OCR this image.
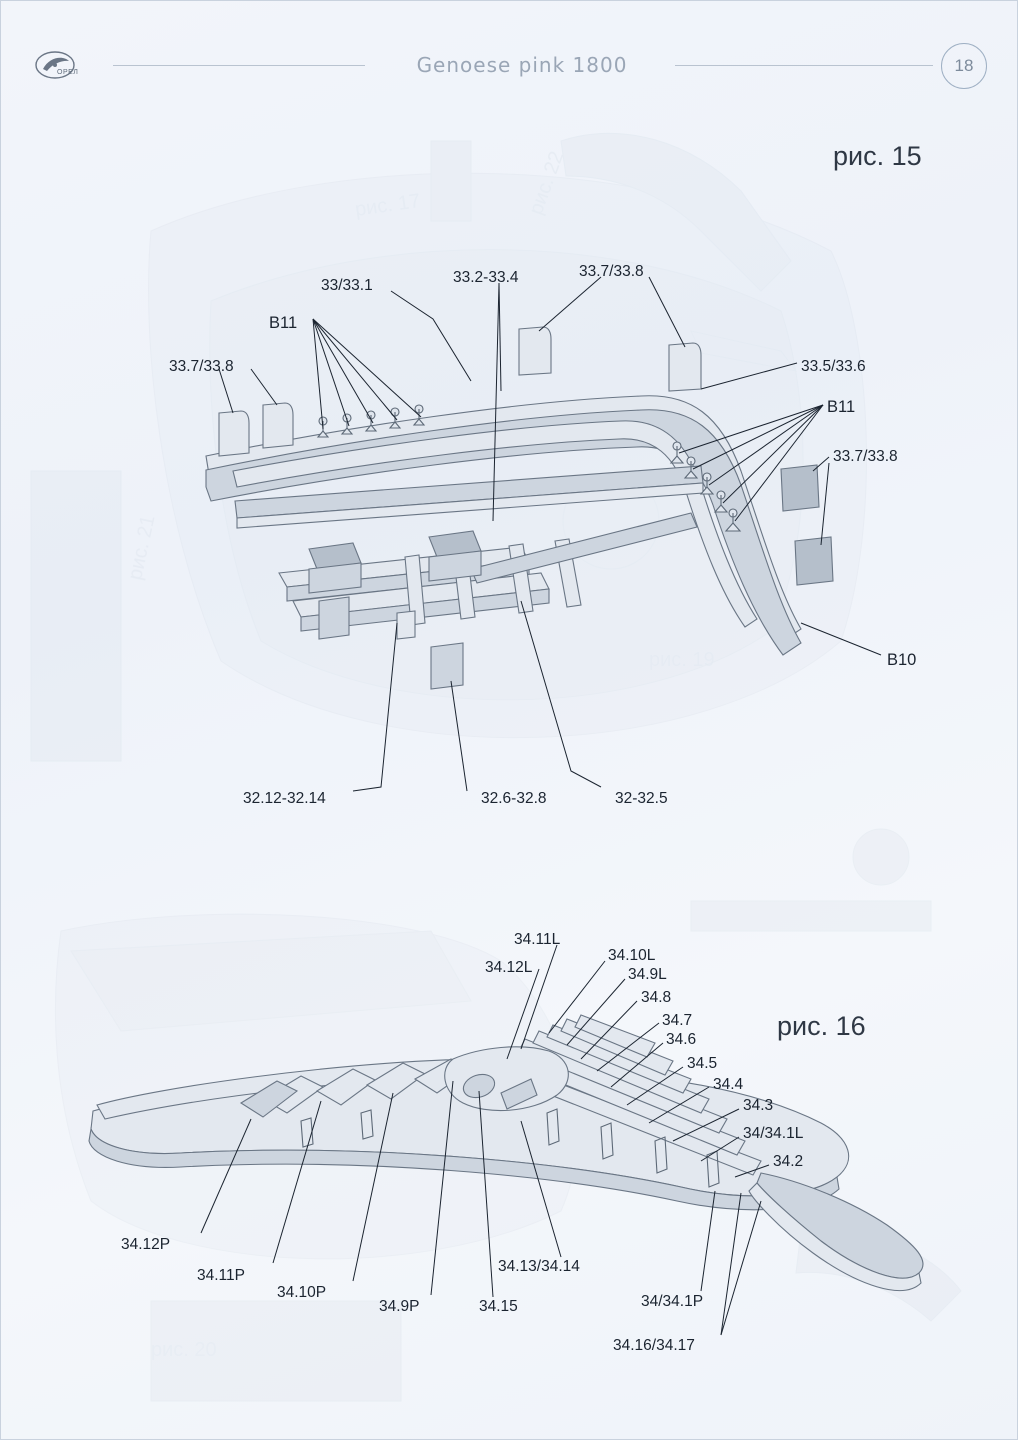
рис. 17	рис. 22
рис. 21
рис. 19
рис. 20
ОРЕЛ	Genoese pink 1800	18
рис. 15
33/33.1	33.2-33.4	33.7/33.8
B11
33.7/33.8	33.5/33.6
B11
33.7/33.8
B10
32.12-32.14	32.6-32.8	32-32.5
рис. 16
34.11L
34.12L
34.10L
34.9L
34.8
34.7
34.6
34.5
34.4
34.3
34/34.1L
34.2
34.12P
34.11P
34.10P
34.9P	34.15
34.13/34.14
34/34.1P
34.16/34.17
